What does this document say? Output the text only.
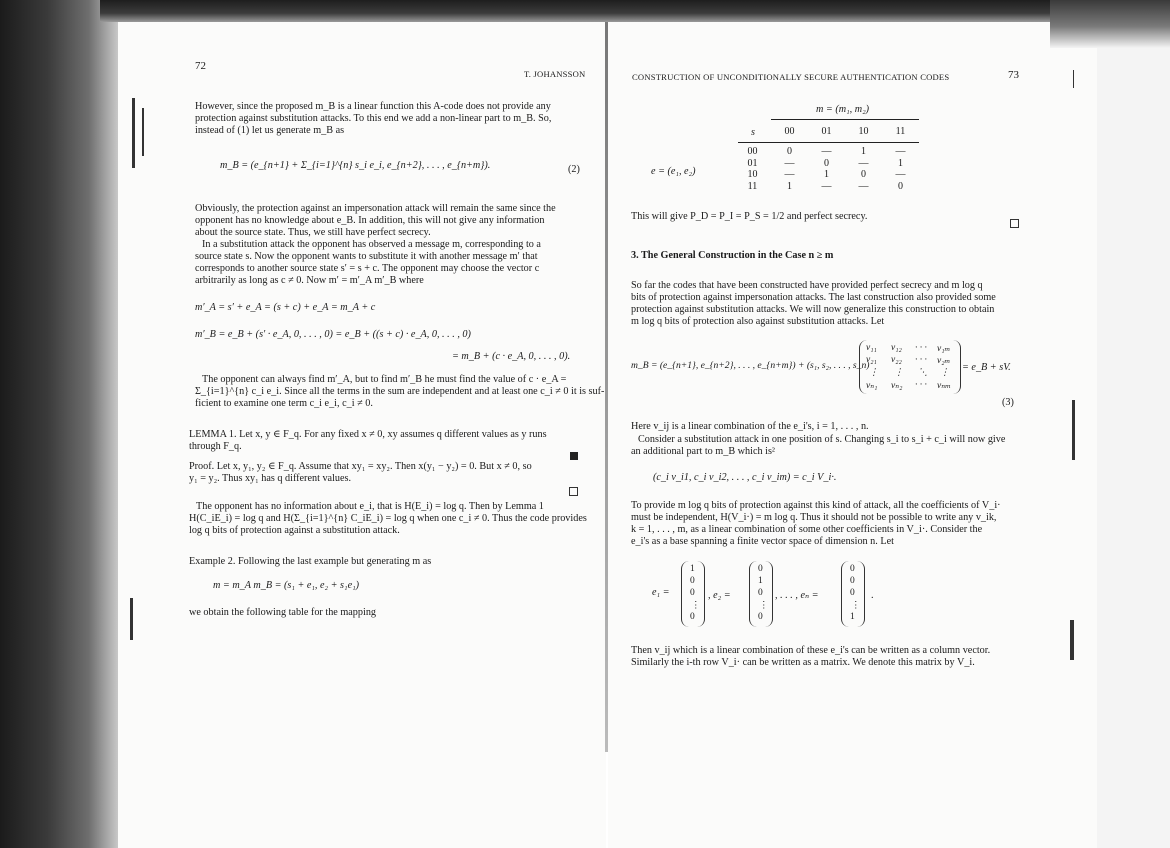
72
T. JOHANSSON
However, since the proposed m_B is a linear function this A-code does not provide any
protection against substitution attacks. To this end we add a non-linear part to m_B. So,
instead of (1) let us generate m_B as
m_B = (e_{n+1} + Σ_{i=1}^{n} s_i e_i, e_{n+2}, . . . , e_{n+m}).	(2)
Obviously, the protection against an impersonation attack will remain the same since the
opponent has no knowledge about e_B. In addition, this will not give any information
about the source state. Thus, we still have perfect secrecy.
In a substitution attack the opponent has observed a message m, corresponding to a
source state s. Now the opponent wants to substitute it with another message m′ that
corresponds to another source state s′ = s + c. The opponent may choose the vector c
arbitrarily as long as c ≠ 0. Now m′ = m′_A m′_B where
m′_A = s′ + e_A = (s + c) + e_A = m_A + c
m′_B = e_B + (s′ · e_A, 0, . . . , 0) = e_B + ((s + c) · e_A, 0, . . . , 0)
= m_B + (c · e_A, 0, . . . , 0).
The opponent can always find m′_A, but to find m′_B he must find the value of c · e_A =
Σ_{i=1}^{n} c_i e_i. Since all the terms in the sum are independent and at least one c_i ≠ 0 it is suf-
ficient to examine one term c_i e_i, c_i ≠ 0.
LEMMA 1. Let x, y ∈ F_q. For any fixed x ≠ 0, xy assumes q different values as y runs
through F_q.
Proof. Let x, y₁, y₂ ∈ F_q. Assume that xy₁ = xy₂. Then x(y₁ − y₂) = 0. But x ≠ 0, so
y₁ = y₂. Thus xy₁ has q different values.
The opponent has no information about e_i, that is H(E_i) = log q. Then by Lemma 1
H(C_iE_i) = log q and H(Σ_{i=1}^{n} C_iE_i) = log q when one c_i ≠ 0. Thus the code provides
log q bits of protection against a substitution attack.
Example 2. Following the last example but generating m as
m = m_A m_B = (s₁ + e₁, e₂ + s₁e₁)
we obtain the following table for the mapping
CONSTRUCTION OF UNCONDITIONALLY SECURE AUTHENTICATION CODES	73
m = (m₁, m₂)
s
e = (e₁, e₂)
00	01	10	11
00	0	—	1	—
01	—	0	—	1
10	—	1	0	—
11	1	—	—	0
This will give P_D = P_I = P_S = 1/2 and perfect secrecy.
3. The General Construction in the Case n ≥ m
So far the codes that have been constructed have provided perfect secrecy and m log q
bits of protection against impersonation attacks. The last construction also provided some
protection against substitution attacks. We will now generalize this construction to obtain
m log q bits of protection also against substitution attacks. Let
m_B = (e_{n+1}, e_{n+2}, . . . , e_{n+m}) + (s₁, s₂, . . . , s_n)
v₁₁ v₁₂ · · · v₁ₘ
v₂₁ v₂₂ · · · v₂ₘ
⋮ ⋮ ⋱ ⋮
vₙ₁ vₙ₂ · · · vₙₘ
= e_B + sV.
(3)
Here v_ij is a linear combination of the e_i's, i = 1, . . . , n.
Consider a substitution attack in one position of s. Changing s_i to s_i + c_i will now give
an additional part to m_B which is²
(c_i v_i1, c_i v_i2, . . . , c_i v_im) = c_i V_i·.
To provide m log q bits of protection against this kind of attack, all the coefficients of V_i·
must be independent, H(V_i·) = m log q. Thus it should not be possible to write any v_ik,
k = 1, . . . , m, as a linear combination of some other coefficients in V_i·. Consider the
e_i's as a base spanning a finite vector space of dimension n. Let
e₁ =
1
0
0
⋮
0
, e₂ =
0
1
0
⋮
0
, . . . , eₙ =
0
0
0
⋮
1
.
Then v_ij which is a linear combination of these e_i's can be written as a column vector.
Similarly the i-th row V_i· can be written as a matrix. We denote this matrix by V_i.
